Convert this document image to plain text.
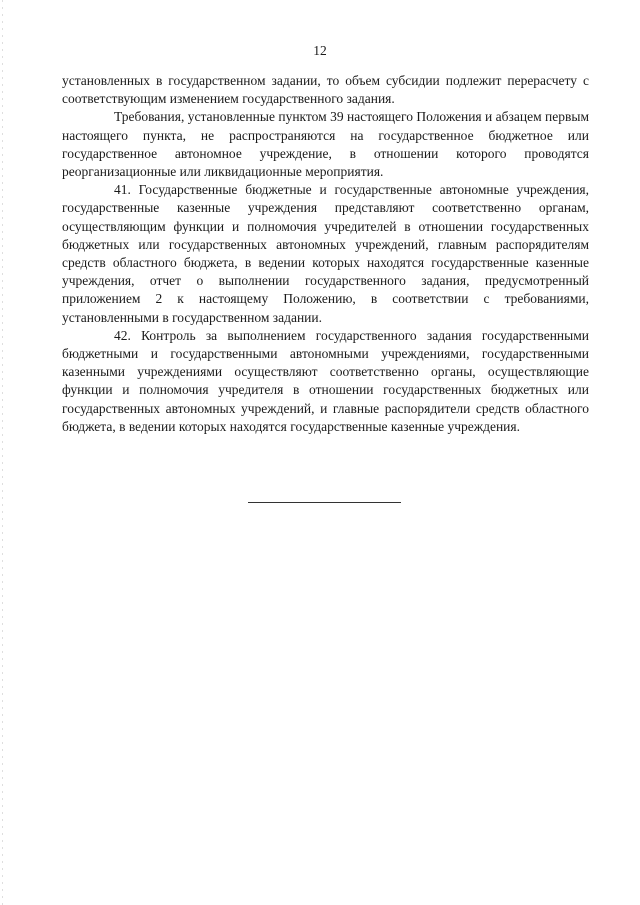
12

установленных в государственном задании, то объем субсидии подлежит перерасчету с соответствующим изменением государственного задания.

Требования, установленные пунктом 39 настоящего Положения и абзацем первым настоящего пункта, не распространяются на государственное бюджетное или государственное автономное учреждение, в отношении которого проводятся реорганизационные или ликвидационные мероприятия.

41. Государственные бюджетные и государственные автономные учреждения, государственные казенные учреждения представляют соответственно органам, осуществляющим функции и полномочия учредителей в отношении государственных бюджетных или государственных автономных учреждений, главным распорядителям средств областного бюджета, в ведении которых находятся государственные казенные учреждения, отчет о выполнении государственного задания, предусмотренный приложением 2 к настоящему Положению, в соответствии с требованиями, установленными в государственном задании.

42. Контроль за выполнением государственного задания государственными бюджетными и государственными автономными учреждениями, государственными казенными учреждениями осуществляют соответственно органы, осуществляющие функции и полномочия учредителя в отношении государственных бюджетных или государственных автономных учреждений, и главные распорядители средств областного бюджета, в ведении которых находятся государственные казенные учреждения.
